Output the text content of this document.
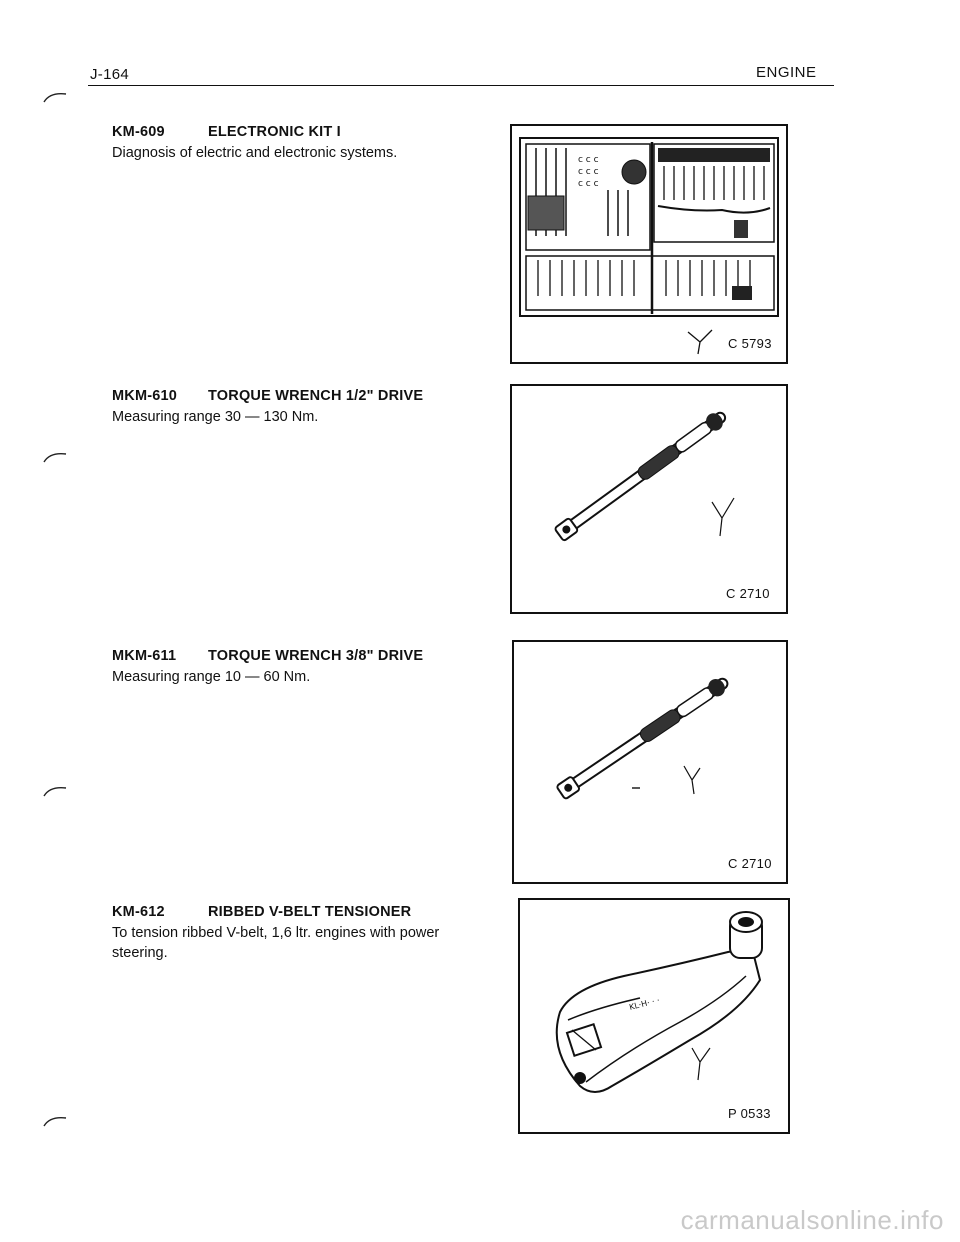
J-164	ENGINE
KM-609	ELECTRONIC KIT I
Diagnosis of electric and electronic systems.
MKM-610 TORQUE WRENCH 1/2" DRIVE
Measuring range 30 — 130 Nm.
MKM-611 TORQUE WRENCH 3/8" DRIVE
Measuring range 10 — 60 Nm.
KM-612	RIBBED V-BELT TENSIONER
To tension ribbed V-belt, 1,6 ltr. engines with power steering.
c c c
c c c
c c c
C 5793
C 2710
C 2710
KL·H· · ·
P 0533
carmanualsonline.info
